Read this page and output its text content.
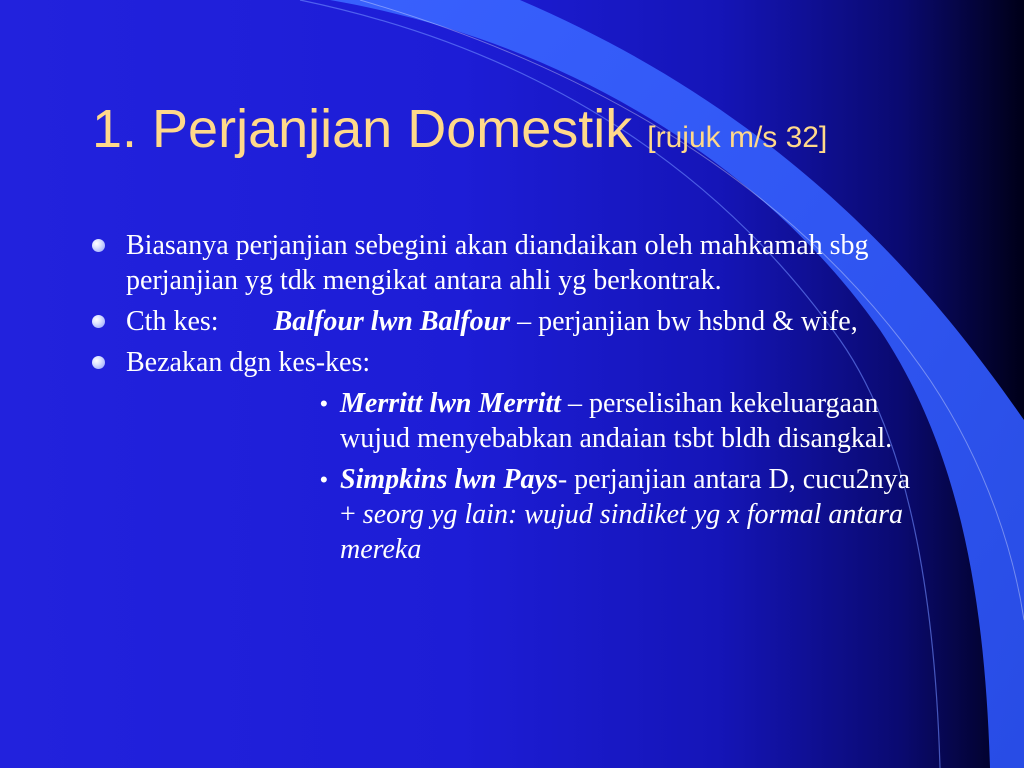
1. Perjanjian Domestik [rujuk m/s 32]
Biasanya perjanjian sebegini akan diandaikan oleh mahkamah sbg perjanjian yg tdk mengikat antara ahli yg berkontrak.
Cth kes: Balfour lwn Balfour – perjanjian bw hsbnd & wife,
Bezakan dgn kes-kes:
• Merritt lwn Merritt – perselisihan kekeluargaan wujud menyebabkan andaian tsbt bldh disangkal.
• Simpkins lwn Pays- perjanjian antara D, cucu2nya + seorg yg lain: wujud sindiket yg x formal antara mereka
